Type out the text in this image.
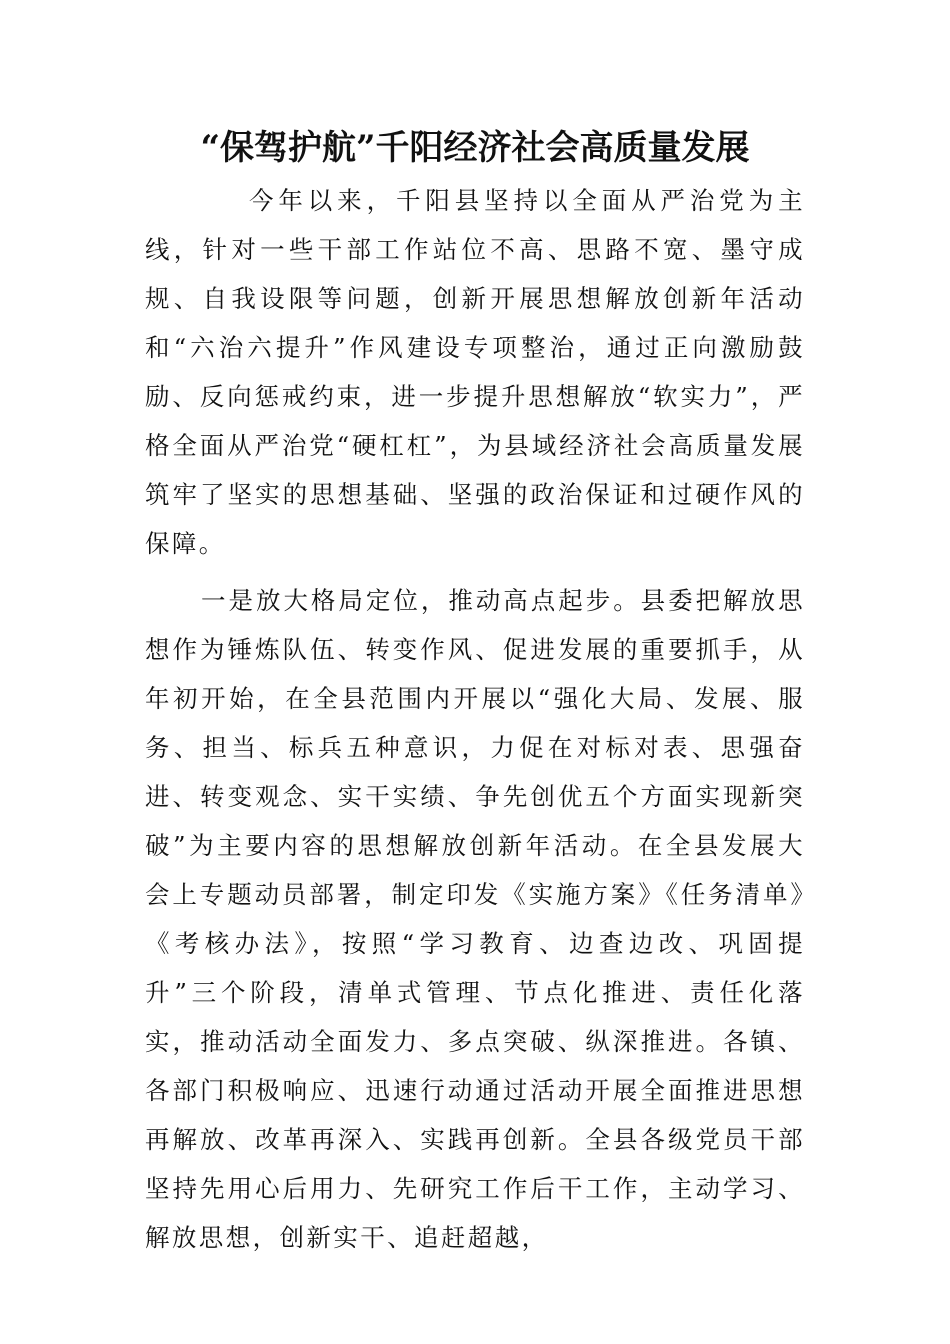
“保驾护航”千阳经济社会高质量发展

今年以来，千阳县坚持以全面从严治党为主线，针对一些干部工作站位不高、思路不宽、墨守成规、自我设限等问题，创新开展思想解放创新年活动和“六治六提升”作风建设专项整治，通过正向激励鼓励、反向惩戒约束，进一步提升思想解放“软实力”，严格全面从严治党“硬杠杠”，为县域经济社会高质量发展筑牢了坚实的思想基础、坚强的政治保证和过硬作风的保障。

一是放大格局定位，推动高点起步。县委把解放思想作为锤炼队伍、转变作风、促进发展的重要抓手，从年初开始，在全县范围内开展以“强化大局、发展、服务、担当、标兵五种意识，力促在对标对表、思强奋进、转变观念、实干实绩、争先创优五个方面实现新突破”为主要内容的思想解放创新年活动。在全县发展大会上专题动员部署，制定印发《实施方案》《任务清单》《考核办法》，按照“学习教育、边查边改、巩固提升”三个阶段，清单式管理、节点化推进、责任化落实，推动活动全面发力、多点突破、纵深推进。各镇、各部门积极响应、迅速行动通过活动开展全面推进思想再解放、改革再深入、实践再创新。全县各级党员干部坚持先用心后用力、先研究工作后干工作，主动学习、解放思想，创新实干、追赶超越，
